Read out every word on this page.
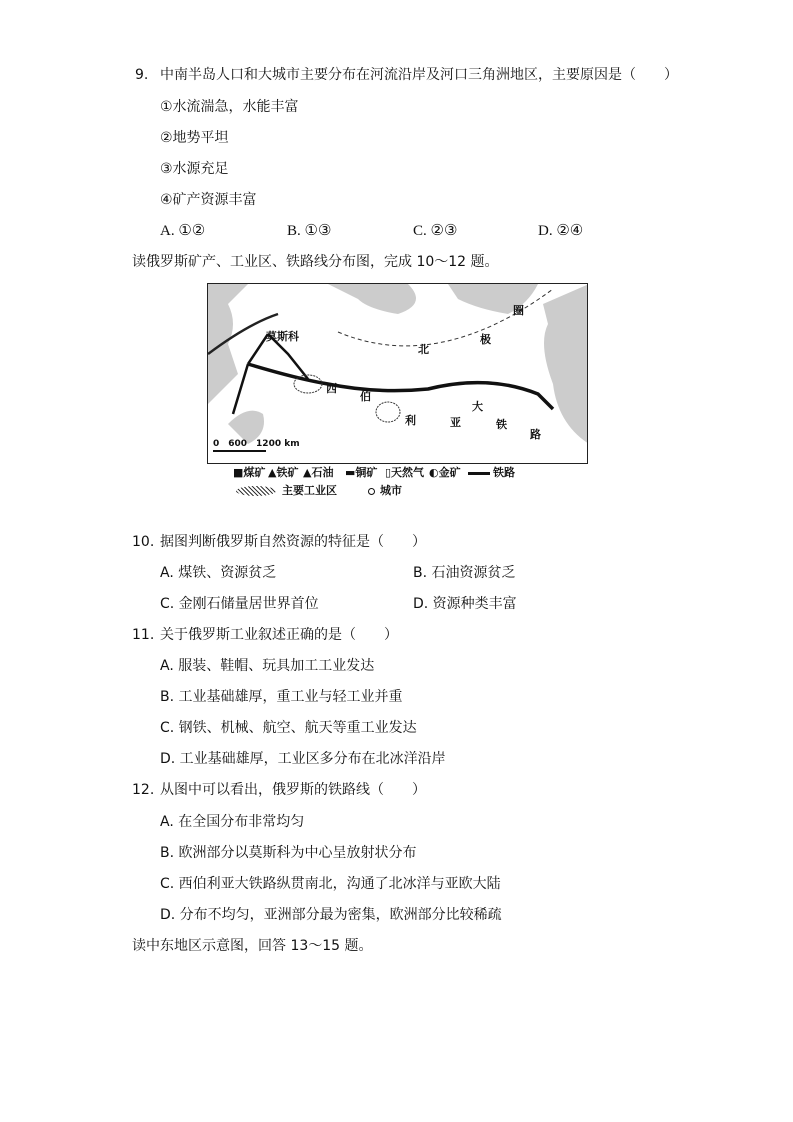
9. 中南半岛人口和大城市主要分布在河流沿岸及河口三角洲地区，主要原因是（　　）
①水流湍急，水能丰富
②地势平坦
③水源充足
④矿产资源丰富
A. ①②	B. ①③	C. ②③	D. ②④
读俄罗斯矿产、工业区、铁路线分布图，完成 10～12 题。
莫斯科
北
极
圈
西
伯
利	亚
大
铁
路
0　600　1200 km
■煤矿 ▲铁矿 ▲石油 ▬铜矿 ▯天然气 ◐金矿	铁路
主要工业区	城市
10. 据图判断俄罗斯自然资源的特征是（　　）
A. 煤铁、资源贫乏	B. 石油资源贫乏
C. 金刚石储量居世界首位	D. 资源种类丰富
11. 关于俄罗斯工业叙述正确的是（　　）
A. 服装、鞋帽、玩具加工工业发达
B. 工业基础雄厚，重工业与轻工业并重
C. 钢铁、机械、航空、航天等重工业发达
D. 工业基础雄厚，工业区多分布在北冰洋沿岸
12. 从图中可以看出，俄罗斯的铁路线（　　）
A. 在全国分布非常均匀
B. 欧洲部分以莫斯科为中心呈放射状分布
C. 西伯利亚大铁路纵贯南北，沟通了北冰洋与亚欧大陆
D. 分布不均匀，亚洲部分最为密集，欧洲部分比较稀疏
读中东地区示意图，回答 13～15 题。
